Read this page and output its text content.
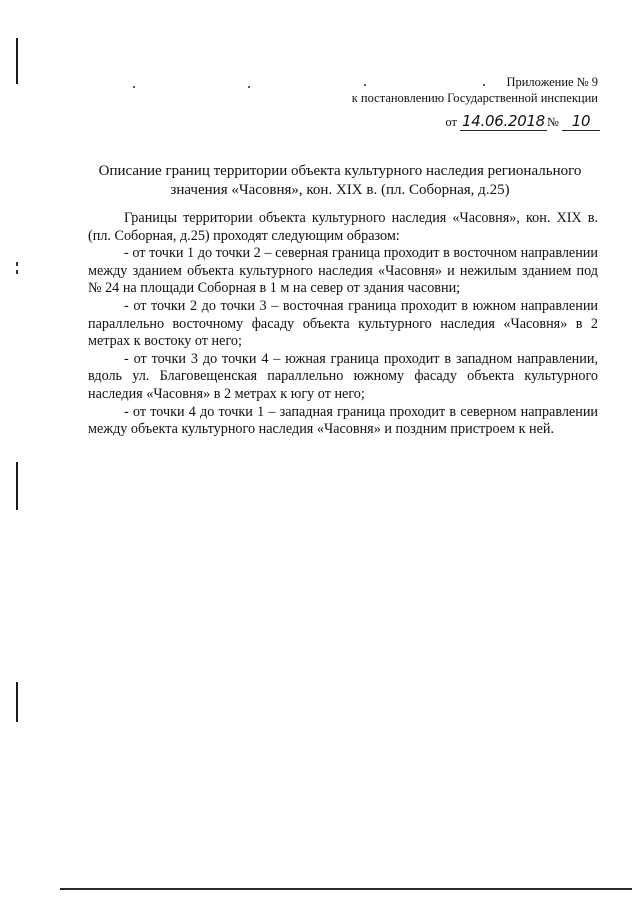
Приложение № 9
к постановлению Государственной инспекции
от 14.06.2018 № 10
Описание границ территории объекта культурного наследия регионального
значения «Часовня», кон. XIX в. (пл. Соборная, д.25)

Границы территории объекта культурного наследия «Часовня», кон. XIX в. (пл. Соборная, д.25) проходят следующим образом:

- от точки 1 до точки 2 – северная граница проходит в восточном направлении между зданием объекта культурного наследия «Часовня» и нежилым зданием под № 24 на площади Соборная в 1 м на север от здания часовни;

- от точки 2 до точки 3 – восточная граница проходит в южном направлении параллельно восточному фасаду объекта культурного наследия «Часовня» в 2 метрах к востоку от него;

- от точки 3 до точки 4 – южная граница проходит в западном направлении, вдоль ул. Благовещенская параллельно южному фасаду объекта культурного наследия «Часовня» в 2 метрах к югу от него;

- от точки 4 до точки 1 – западная граница проходит в северном направлении между объекта культурного наследия «Часовня» и поздним пристроем к ней.
